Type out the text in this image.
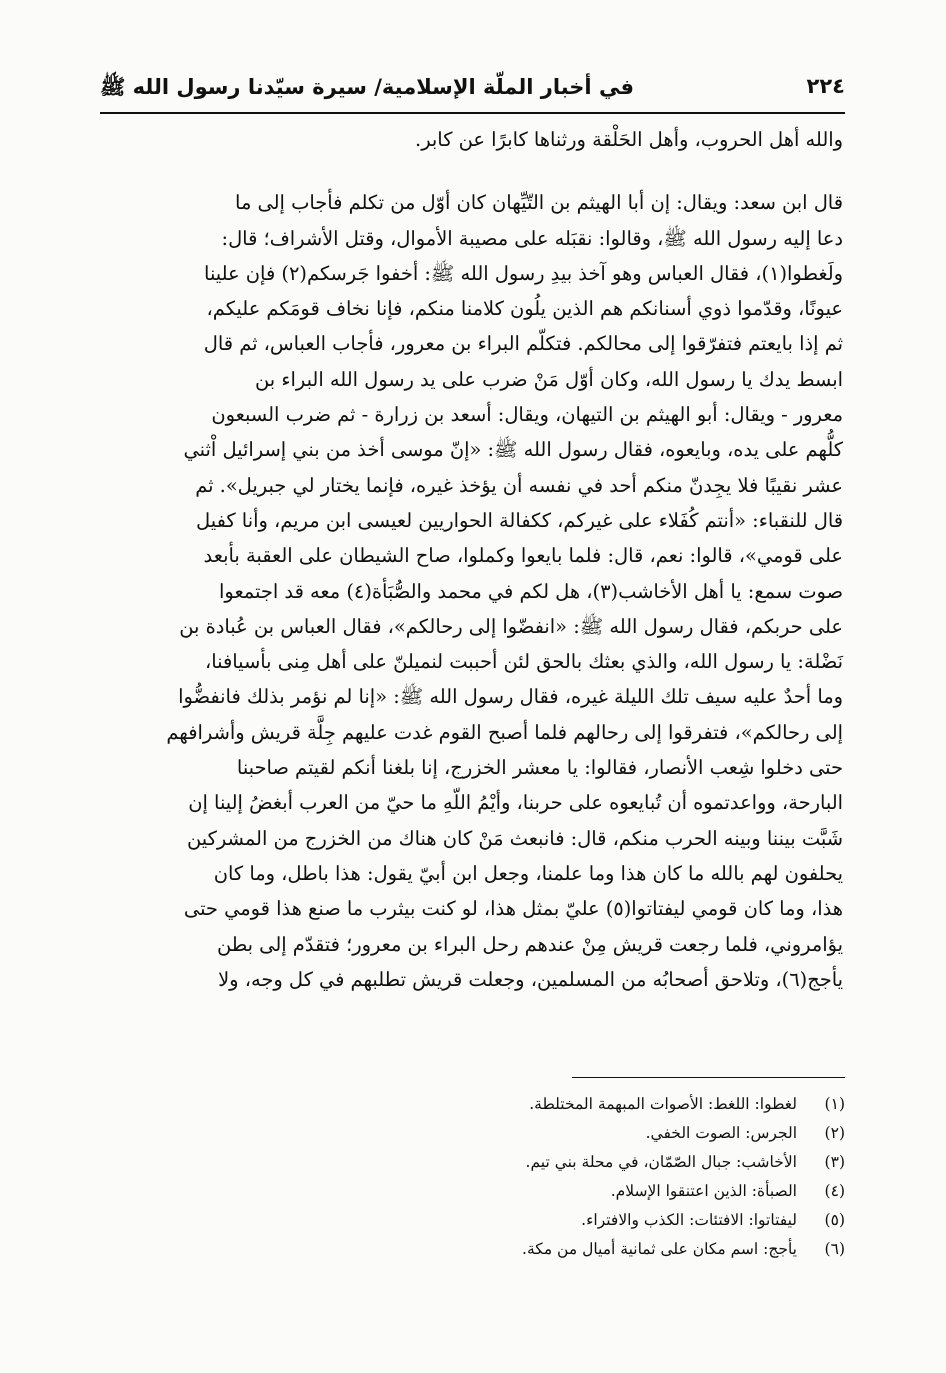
٢٢٤
في أخبار الملّة الإسلامية/ سيرة سيّدنا رسول الله ﷺ

والله أهل الحروب، وأهل الحَلْقة ورثناها كابرًا عن كابر.

قال ابن سعد: ويقال: إن أبا الهيثم بن التّيِّهان كان أوّل من تكلم فأجاب إلى ما
دعا إليه رسول الله ﷺ، وقالوا: نقبَله على مصيبة الأموال، وقتل الأشراف؛ قال:
ولَغطوا(١)، فقال العباس وهو آخذ بيدِ رسول الله ﷺ: أخفوا جَرسكم(٢) فإن علينا
عيونًا، وقدّموا ذوي أسنانكم هم الذين يلُون كلامنا منكم، فإنا نخاف قومَكم عليكم،
ثم إذا بايعتم فتفرّقوا إلى محالكم. فتكلّم البراء بن معرور، فأجاب العباس، ثم قال
ابسط يدك يا رسول الله، وكان أوّل مَنْ ضرب على يد رسول الله البراء بن
معرور - ويقال: أبو الهيثم بن التيهان، ويقال: أسعد بن زرارة - ثم ضرب السبعون
كلُّهم على يده، وبايعوه، فقال رسول الله ﷺ: «إنّ موسى أخذ من بني إسرائيل اْثني
عشر نقيبًا فلا يجِدنّ منكم أحد في نفسه أن يؤخذ غيره، فإنما يختار لي جبريل». ثم
قال للنقباء: «أنتم كُفَلاء على غيركم، ككفالة الحواريين لعيسى ابن مريم، وأنا كفيل
على قومي»، قالوا: نعم، قال: فلما بايعوا وكملوا، صاح الشيطان على العقبة بأبعد
صوت سمع: يا أهل الأخاشب(٣)، هل لكم في محمد والصُّبَأة(٤) معه قد اجتمعوا
على حربكم، فقال رسول الله ﷺ: «انفضّوا إلى رحالكم»، فقال العباس بن عُبادة بن
نَضْلة: يا رسول الله، والذي بعثك بالحق لئن أحببت لنميلنّ على أهل مِنى بأسيافنا،
وما أحدٌ عليه سيف تلك الليلة غيره، فقال رسول الله ﷺ: «إنا لم نؤمر بذلك فانفضُّوا
إلى رحالكم»، فتفرقوا إلى رحالهم فلما أصبح القوم غدت عليهم جِلَّة قريش وأشرافهم
حتى دخلوا شِعب الأنصار، فقالوا: يا معشر الخزرج، إنا بلغنا أنكم لقيتم صاحبنا
البارحة، وواعدتموه أن تُبايعوه على حربنا، وأيْمُ اللّهِ ما حيّ من العرب أبغضُ إلينا إن
شَبَّت بيننا وبينه الحرب منكم، قال: فانبعث مَنْ كان هناك من الخزرج من المشركين
يحلفون لهم بالله ما كان هذا وما علمنا، وجعل ابن أبيّ يقول: هذا باطل، وما كان
هذا، وما كان قومي ليفتاتوا(٥) عليّ بمثل هذا، لو كنت بيثرب ما صنع هذا قومي حتى
يؤامروني، فلما رجعت قريش مِنْ عندهم رحل البراء بن معرور؛ فتقدّم إلى بطن
يأجج(٦)، وتلاحق أصحابُه من المسلمين، وجعلت قريش تطلبهم في كل وجه، ولا

(١)
لغطوا: اللغط: الأصوات المبهمة المختلطة.
(٢)
الجرس: الصوت الخفي.
(٣)
الأخاشب: جبال الصّمّان، في محلة بني تيم.
(٤)
الصبأة: الذين اعتنقوا الإسلام.
(٥)
ليفتاتوا: الافتئات: الكذب والافتراء.
(٦)
يأجج: اسم مكان على ثمانية أميال من مكة.
